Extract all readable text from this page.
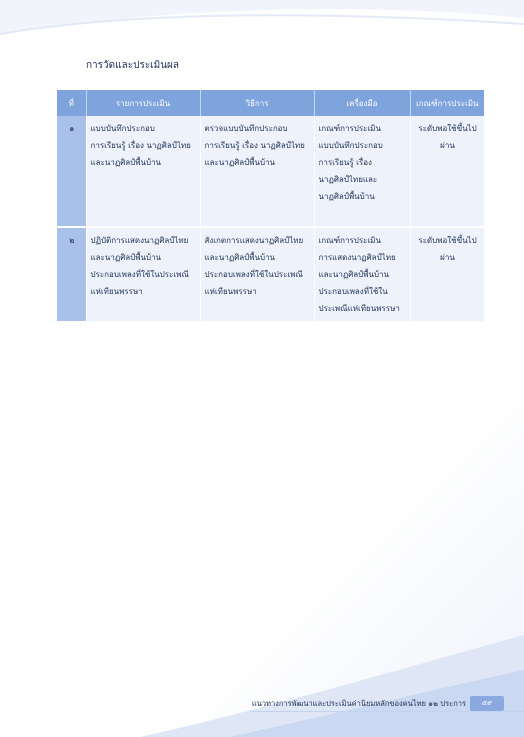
การวัดและประเมินผล
ที่	รายการประเมิน	วิธีการ	เครื่องมือ	เกณฑ์การประเมิน
๑	แบบบันทึกประกอบ
การเรียนรู้ เรื่อง นาฏศิลป์ไทย
และนาฏศิลป์พื้นบ้าน	ตรวจแบบบันทึกประกอบ
การเรียนรู้ เรื่อง นาฏศิลป์ไทย
และนาฏศิลป์พื้นบ้าน	เกณฑ์การประเมิน
แบบบันทึกประกอบ
การเรียนรู้ เรื่อง
นาฏศิลป์ไทยและ
นาฏศิลป์พื้นบ้าน	ระดับพอใช้ขึ้นไป
ผ่าน
๒	ปฏิบัติการแสดงนาฏศิลป์ไทย
และนาฏศิลป์พื้นบ้าน
ประกอบเพลงที่ใช้ในประเพณี
แห่เทียนพรรษา	สังเกตการแสดงนาฏศิลป์ไทย
และนาฏศิลป์พื้นบ้าน
ประกอบเพลงที่ใช้ในประเพณี
แห่เทียนพรรษา	เกณฑ์การประเมิน
การแสดงนาฏศิลป์ไทย
และนาฏศิลป์พื้นบ้าน
ประกอบเพลงที่ใช้ใน
ประเพณีแห่เทียนพรรษา	ระดับพอใช้ขึ้นไป
ผ่าน
แนวทางการพัฒนาและประเมินค่านิยมหลักของคนไทย ๑๒ ประการ	๕๙
